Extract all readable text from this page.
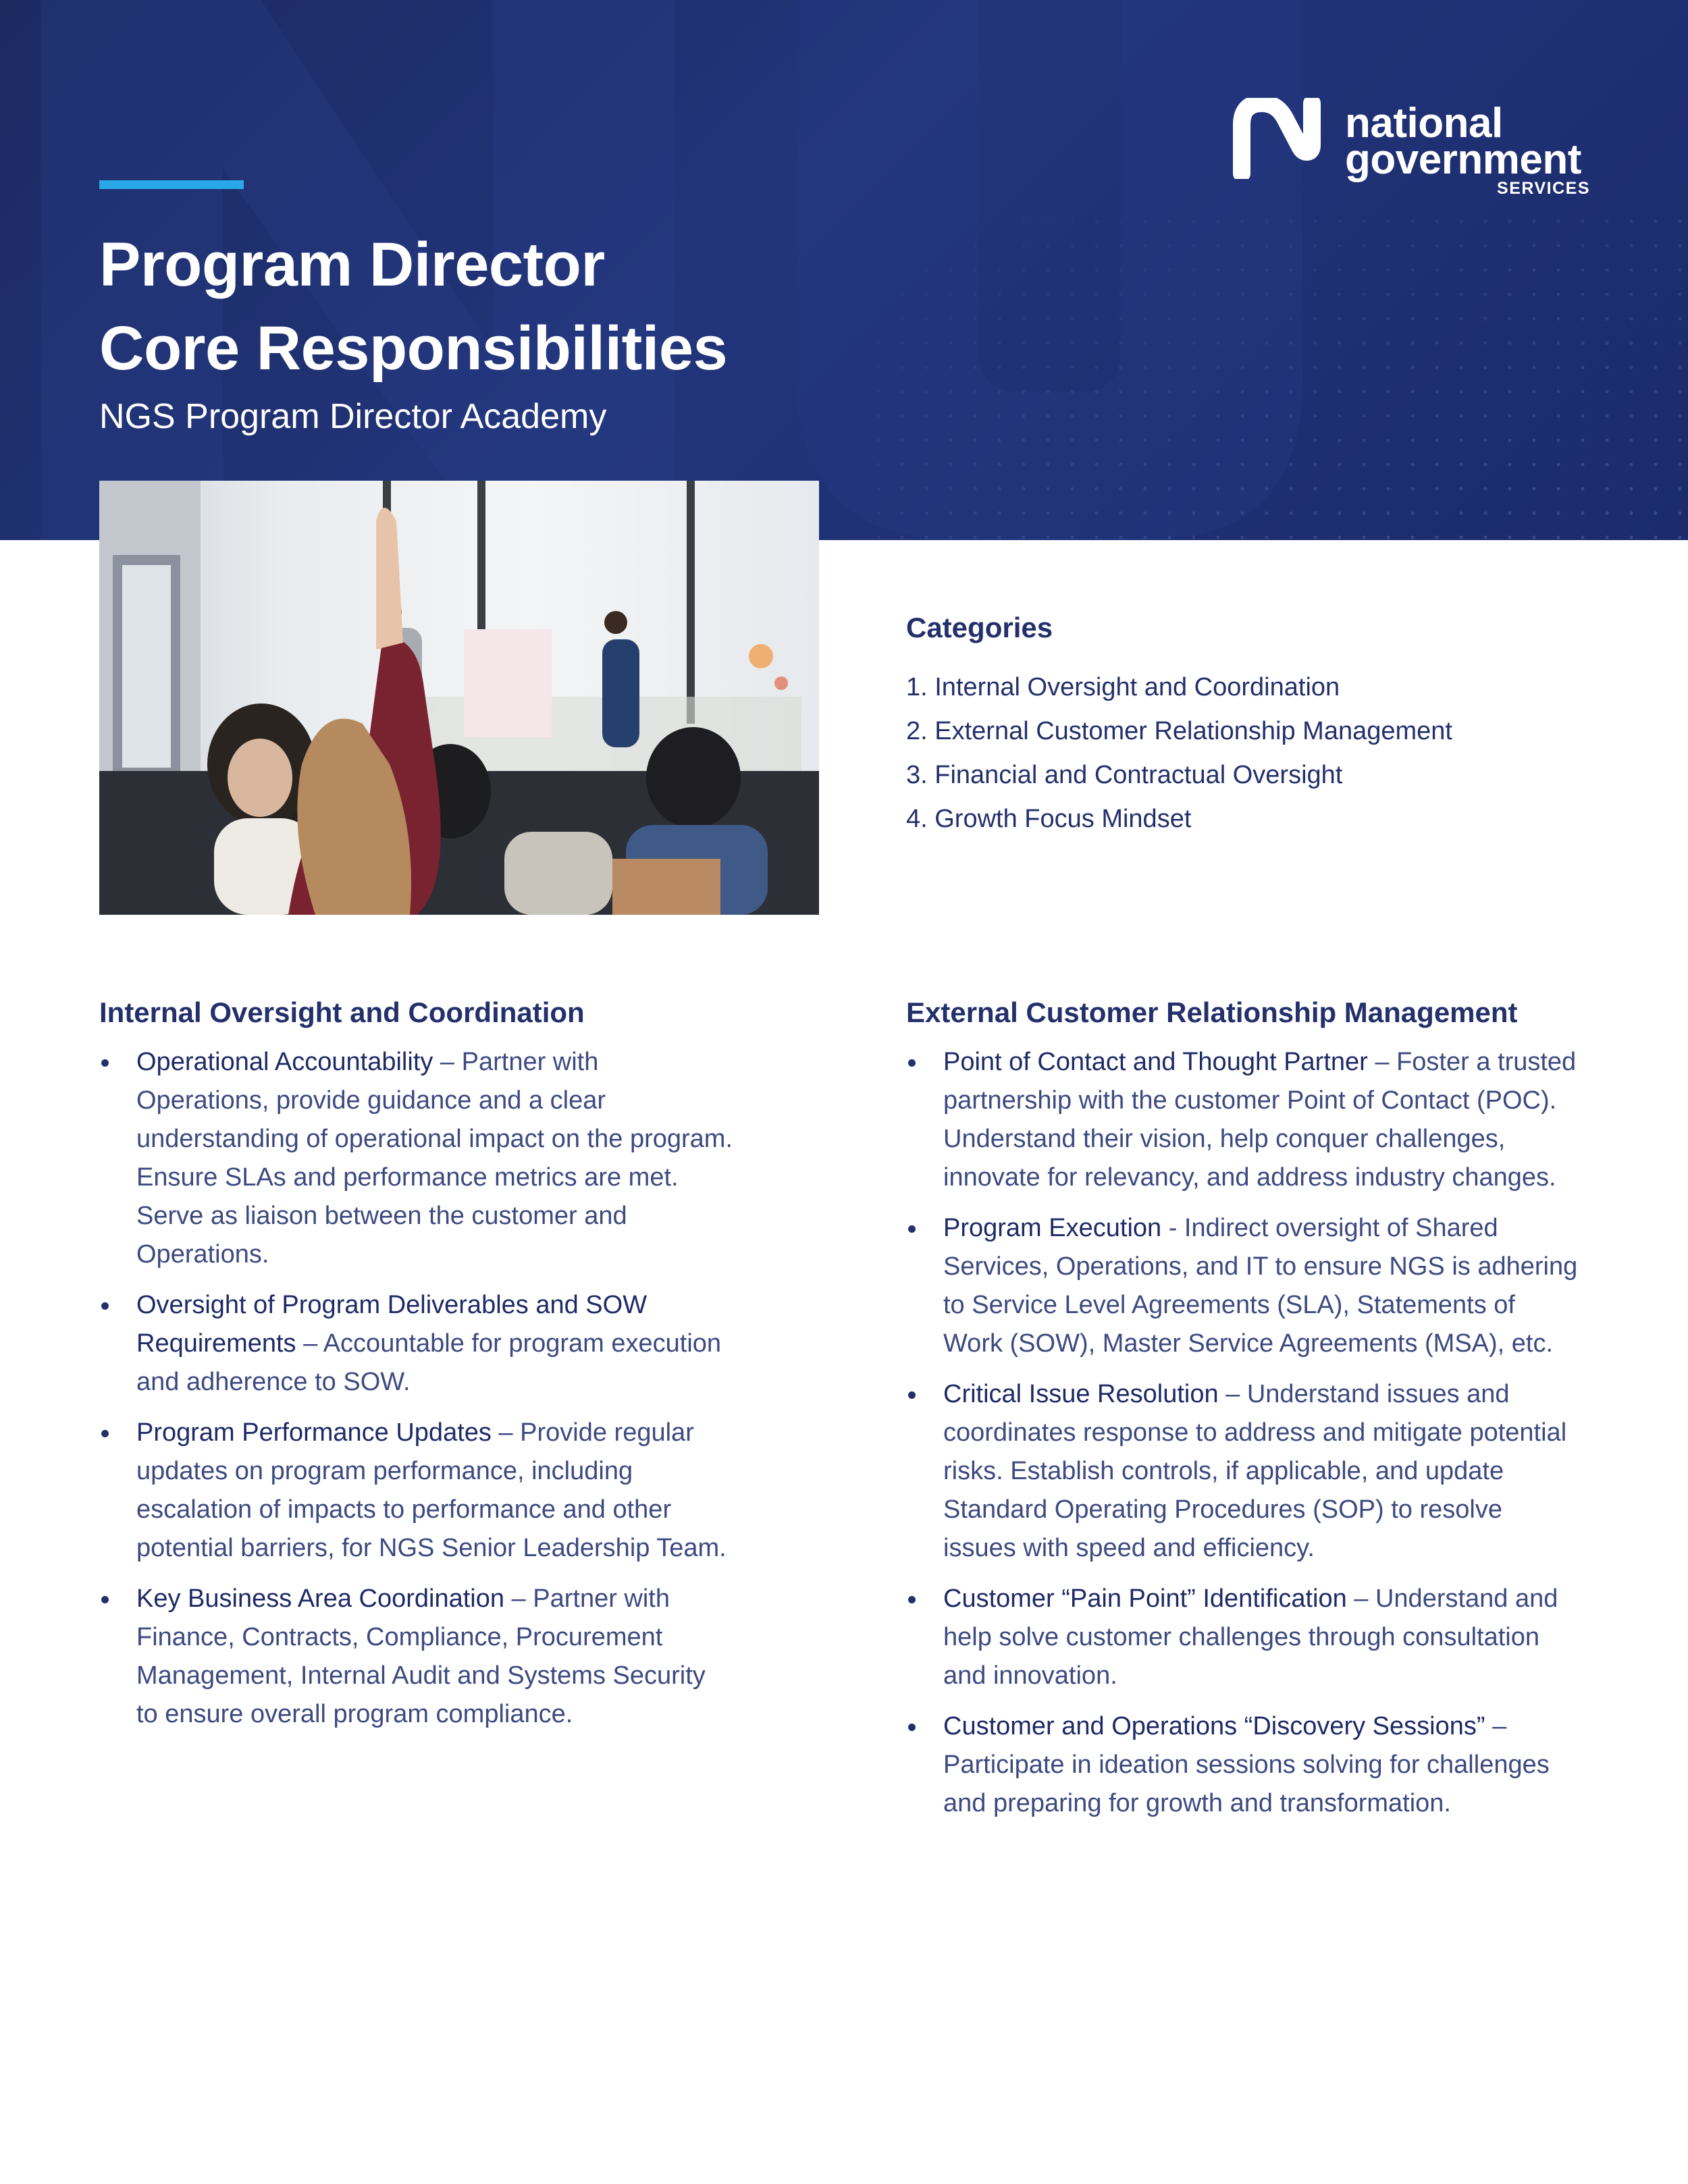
Program Director
Core Responsibilities
NGS Program Director Academy
national
government
SERVICES
Categories
1. Internal Oversight and Coordination
2. External Customer Relationship Management
3. Financial and Contractual Oversight
4. Growth Focus Mindset
Internal Oversight and Coordination
Operational Accountability – Partner with Operations, provide guidance and a clear understanding of operational impact on the program. Ensure SLAs and performance metrics are met. Serve as liaison between the customer and Operations.
Oversight of Program Deliverables and SOW Requirements – Accountable for program execution and adherence to SOW.
Program Performance Updates – Provide regular updates on program performance, including escalation of impacts to performance and other potential barriers, for NGS Senior Leadership Team.
Key Business Area Coordination – Partner with Finance, Contracts, Compliance, Procurement Management, Internal Audit and Systems Security to ensure overall program compliance.
External Customer Relationship Management
Point of Contact and Thought Partner – Foster a trusted partnership with the customer Point of Contact (POC). Understand their vision, help conquer challenges, innovate for relevancy, and address industry changes.
Program Execution - Indirect oversight of Shared Services, Operations, and IT to ensure NGS is adhering to Service Level Agreements (SLA), Statements of Work (SOW), Master Service Agreements (MSA), etc.
Critical Issue Resolution – Understand issues and coordinates response to address and mitigate potential risks. Establish controls, if applicable, and update Standard Operating Procedures (SOP) to resolve issues with speed and efficiency.
Customer “Pain Point” Identification – Understand and help solve customer challenges through consultation and innovation.
Customer and Operations “Discovery Sessions” – Participate in ideation sessions solving for challenges and preparing for growth and transformation.
